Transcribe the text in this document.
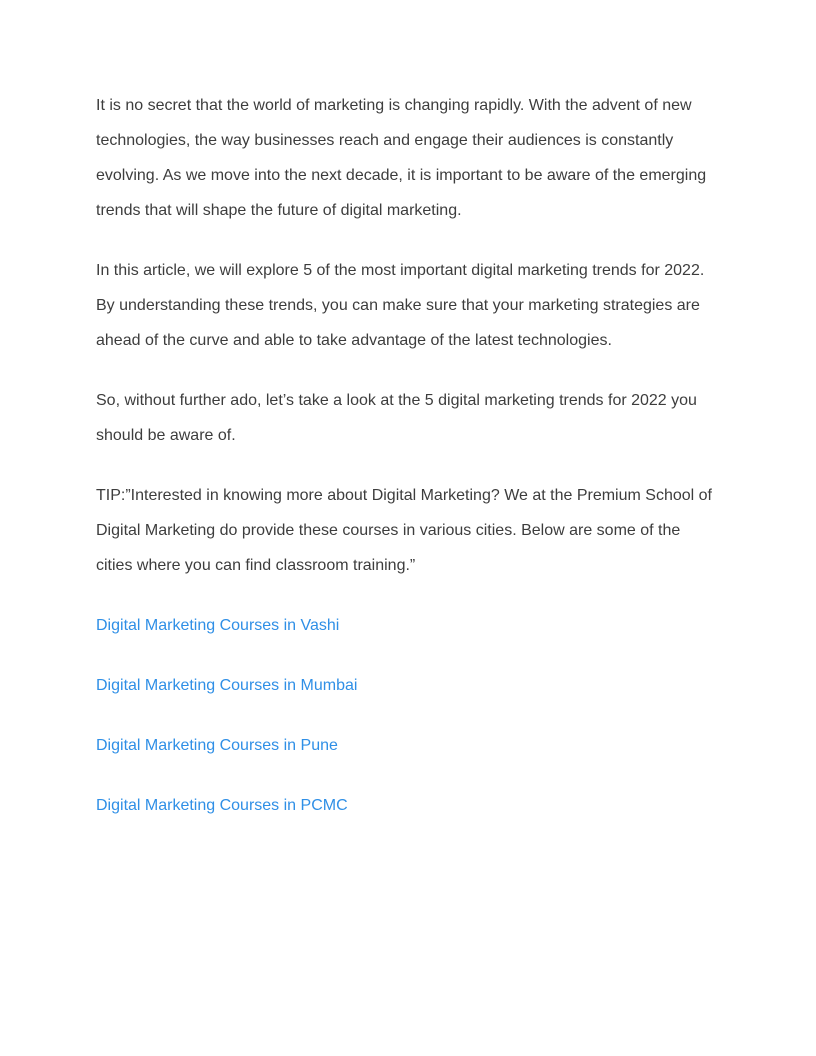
It is no secret that the world of marketing is changing rapidly. With the advent of new
technologies, the way businesses reach and engage their audiences is constantly
evolving. As we move into the next decade, it is important to be aware of the emerging
trends that will shape the future of digital marketing.

In this article, we will explore 5 of the most important digital marketing trends for 2022.
By understanding these trends, you can make sure that your marketing strategies are
ahead of the curve and able to take advantage of the latest technologies.

So, without further ado, let’s take a look at the 5 digital marketing trends for 2022 you
should be aware of.

TIP:”Interested in knowing more about Digital Marketing? We at the Premium School of
Digital Marketing do provide these courses in various cities. Below are some of the
cities where you can find classroom training.”

Digital Marketing Courses in Vashi
Digital Marketing Courses in Mumbai
Digital Marketing Courses in Pune
Digital Marketing Courses in PCMC
